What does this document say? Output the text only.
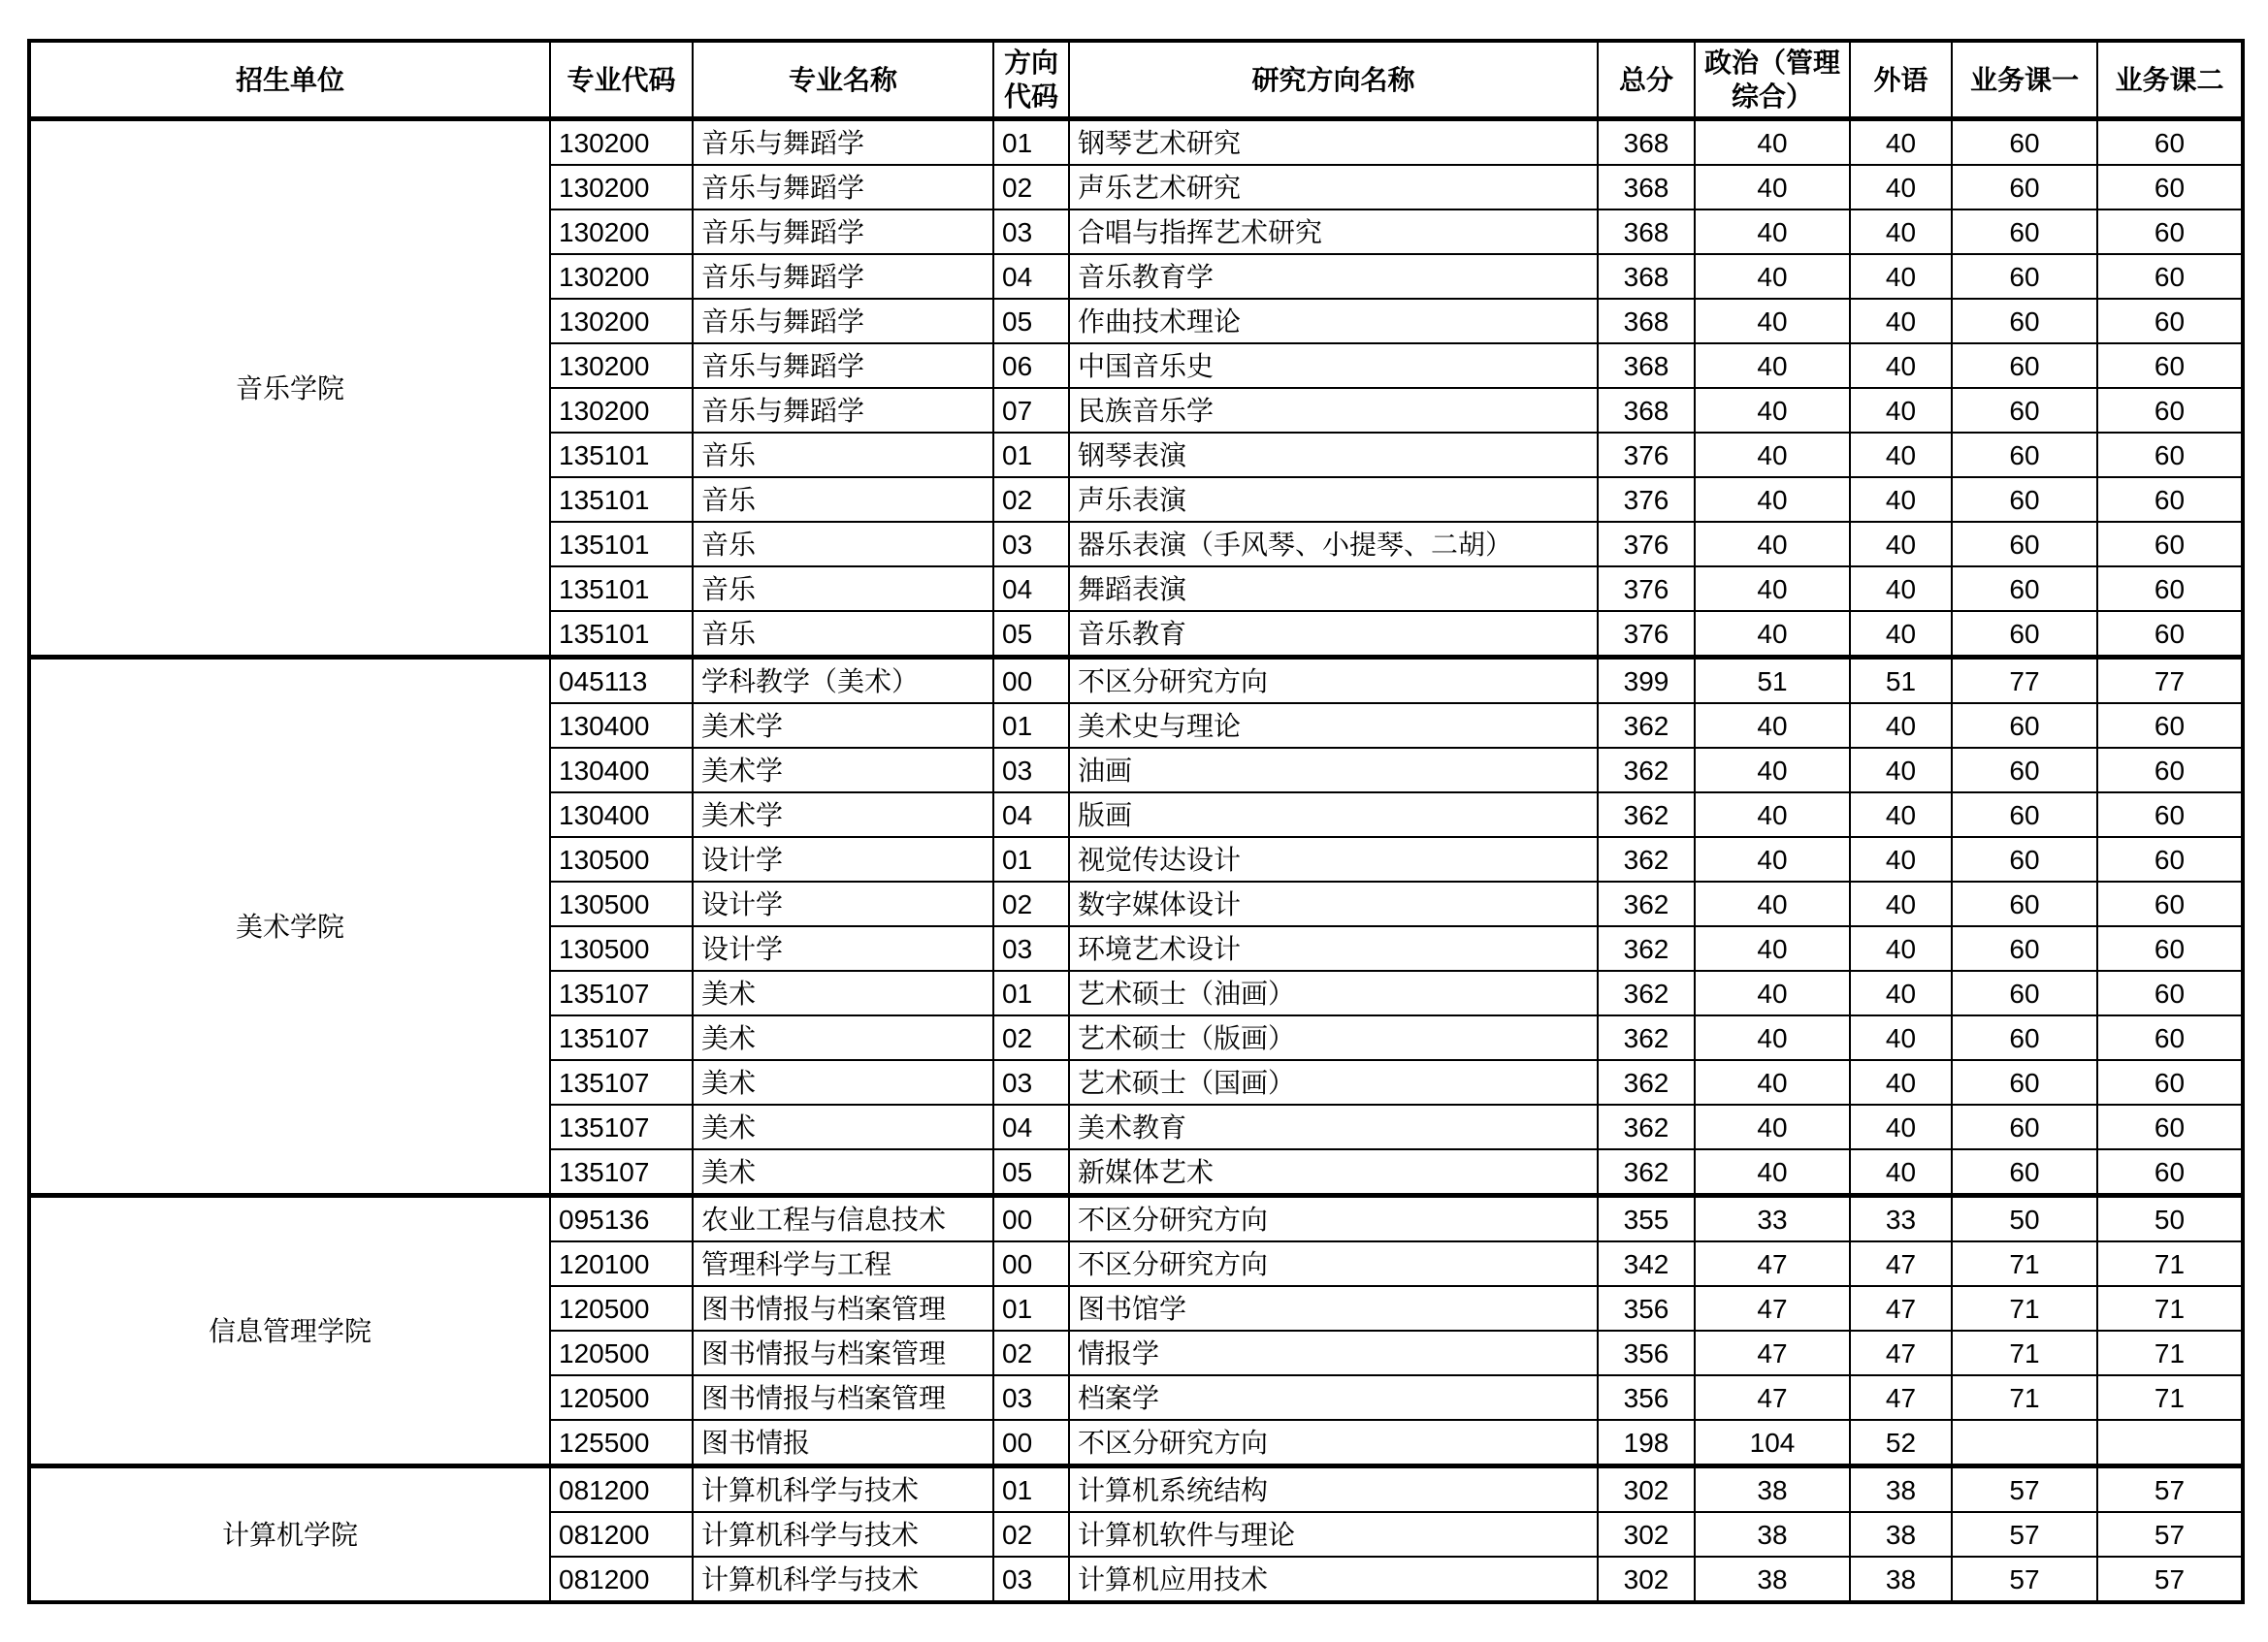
招生单位	专业代码	专业名称	方向代码	研究方向名称	总分	政治（管理综合）	外语	业务课一	业务课二
音乐学院	130200	音乐与舞蹈学	01	钢琴艺术研究	368	40	40	60	60
	130200	音乐与舞蹈学	02	声乐艺术研究	368	40	40	60	60
	130200	音乐与舞蹈学	03	合唱与指挥艺术研究	368	40	40	60	60
	130200	音乐与舞蹈学	04	音乐教育学	368	40	40	60	60
	130200	音乐与舞蹈学	05	作曲技术理论	368	40	40	60	60
	130200	音乐与舞蹈学	06	中国音乐史	368	40	40	60	60
	130200	音乐与舞蹈学	07	民族音乐学	368	40	40	60	60
	135101	音乐	01	钢琴表演	376	40	40	60	60
	135101	音乐	02	声乐表演	376	40	40	60	60
	135101	音乐	03	器乐表演（手风琴、小提琴、二胡）	376	40	40	60	60
	135101	音乐	04	舞蹈表演	376	40	40	60	60
	135101	音乐	05	音乐教育	376	40	40	60	60
美术学院	045113	学科教学（美术）	00	不区分研究方向	399	51	51	77	77
	130400	美术学	01	美术史与理论	362	40	40	60	60
	130400	美术学	03	油画	362	40	40	60	60
	130400	美术学	04	版画	362	40	40	60	60
	130500	设计学	01	视觉传达设计	362	40	40	60	60
	130500	设计学	02	数字媒体设计	362	40	40	60	60
	130500	设计学	03	环境艺术设计	362	40	40	60	60
	135107	美术	01	艺术硕士（油画）	362	40	40	60	60
	135107	美术	02	艺术硕士（版画）	362	40	40	60	60
	135107	美术	03	艺术硕士（国画）	362	40	40	60	60
	135107	美术	04	美术教育	362	40	40	60	60
	135107	美术	05	新媒体艺术	362	40	40	60	60
信息管理学院	095136	农业工程与信息技术	00	不区分研究方向	355	33	33	50	50
	120100	管理科学与工程	00	不区分研究方向	342	47	47	71	71
	120500	图书情报与档案管理	01	图书馆学	356	47	47	71	71
	120500	图书情报与档案管理	02	情报学	356	47	47	71	71
	120500	图书情报与档案管理	03	档案学	356	47	47	71	71
	125500	图书情报	00	不区分研究方向	198	104	52		
计算机学院	081200	计算机科学与技术	01	计算机系统结构	302	38	38	57	57
	081200	计算机科学与技术	02	计算机软件与理论	302	38	38	57	57
	081200	计算机科学与技术	03	计算机应用技术	302	38	38	57	57
